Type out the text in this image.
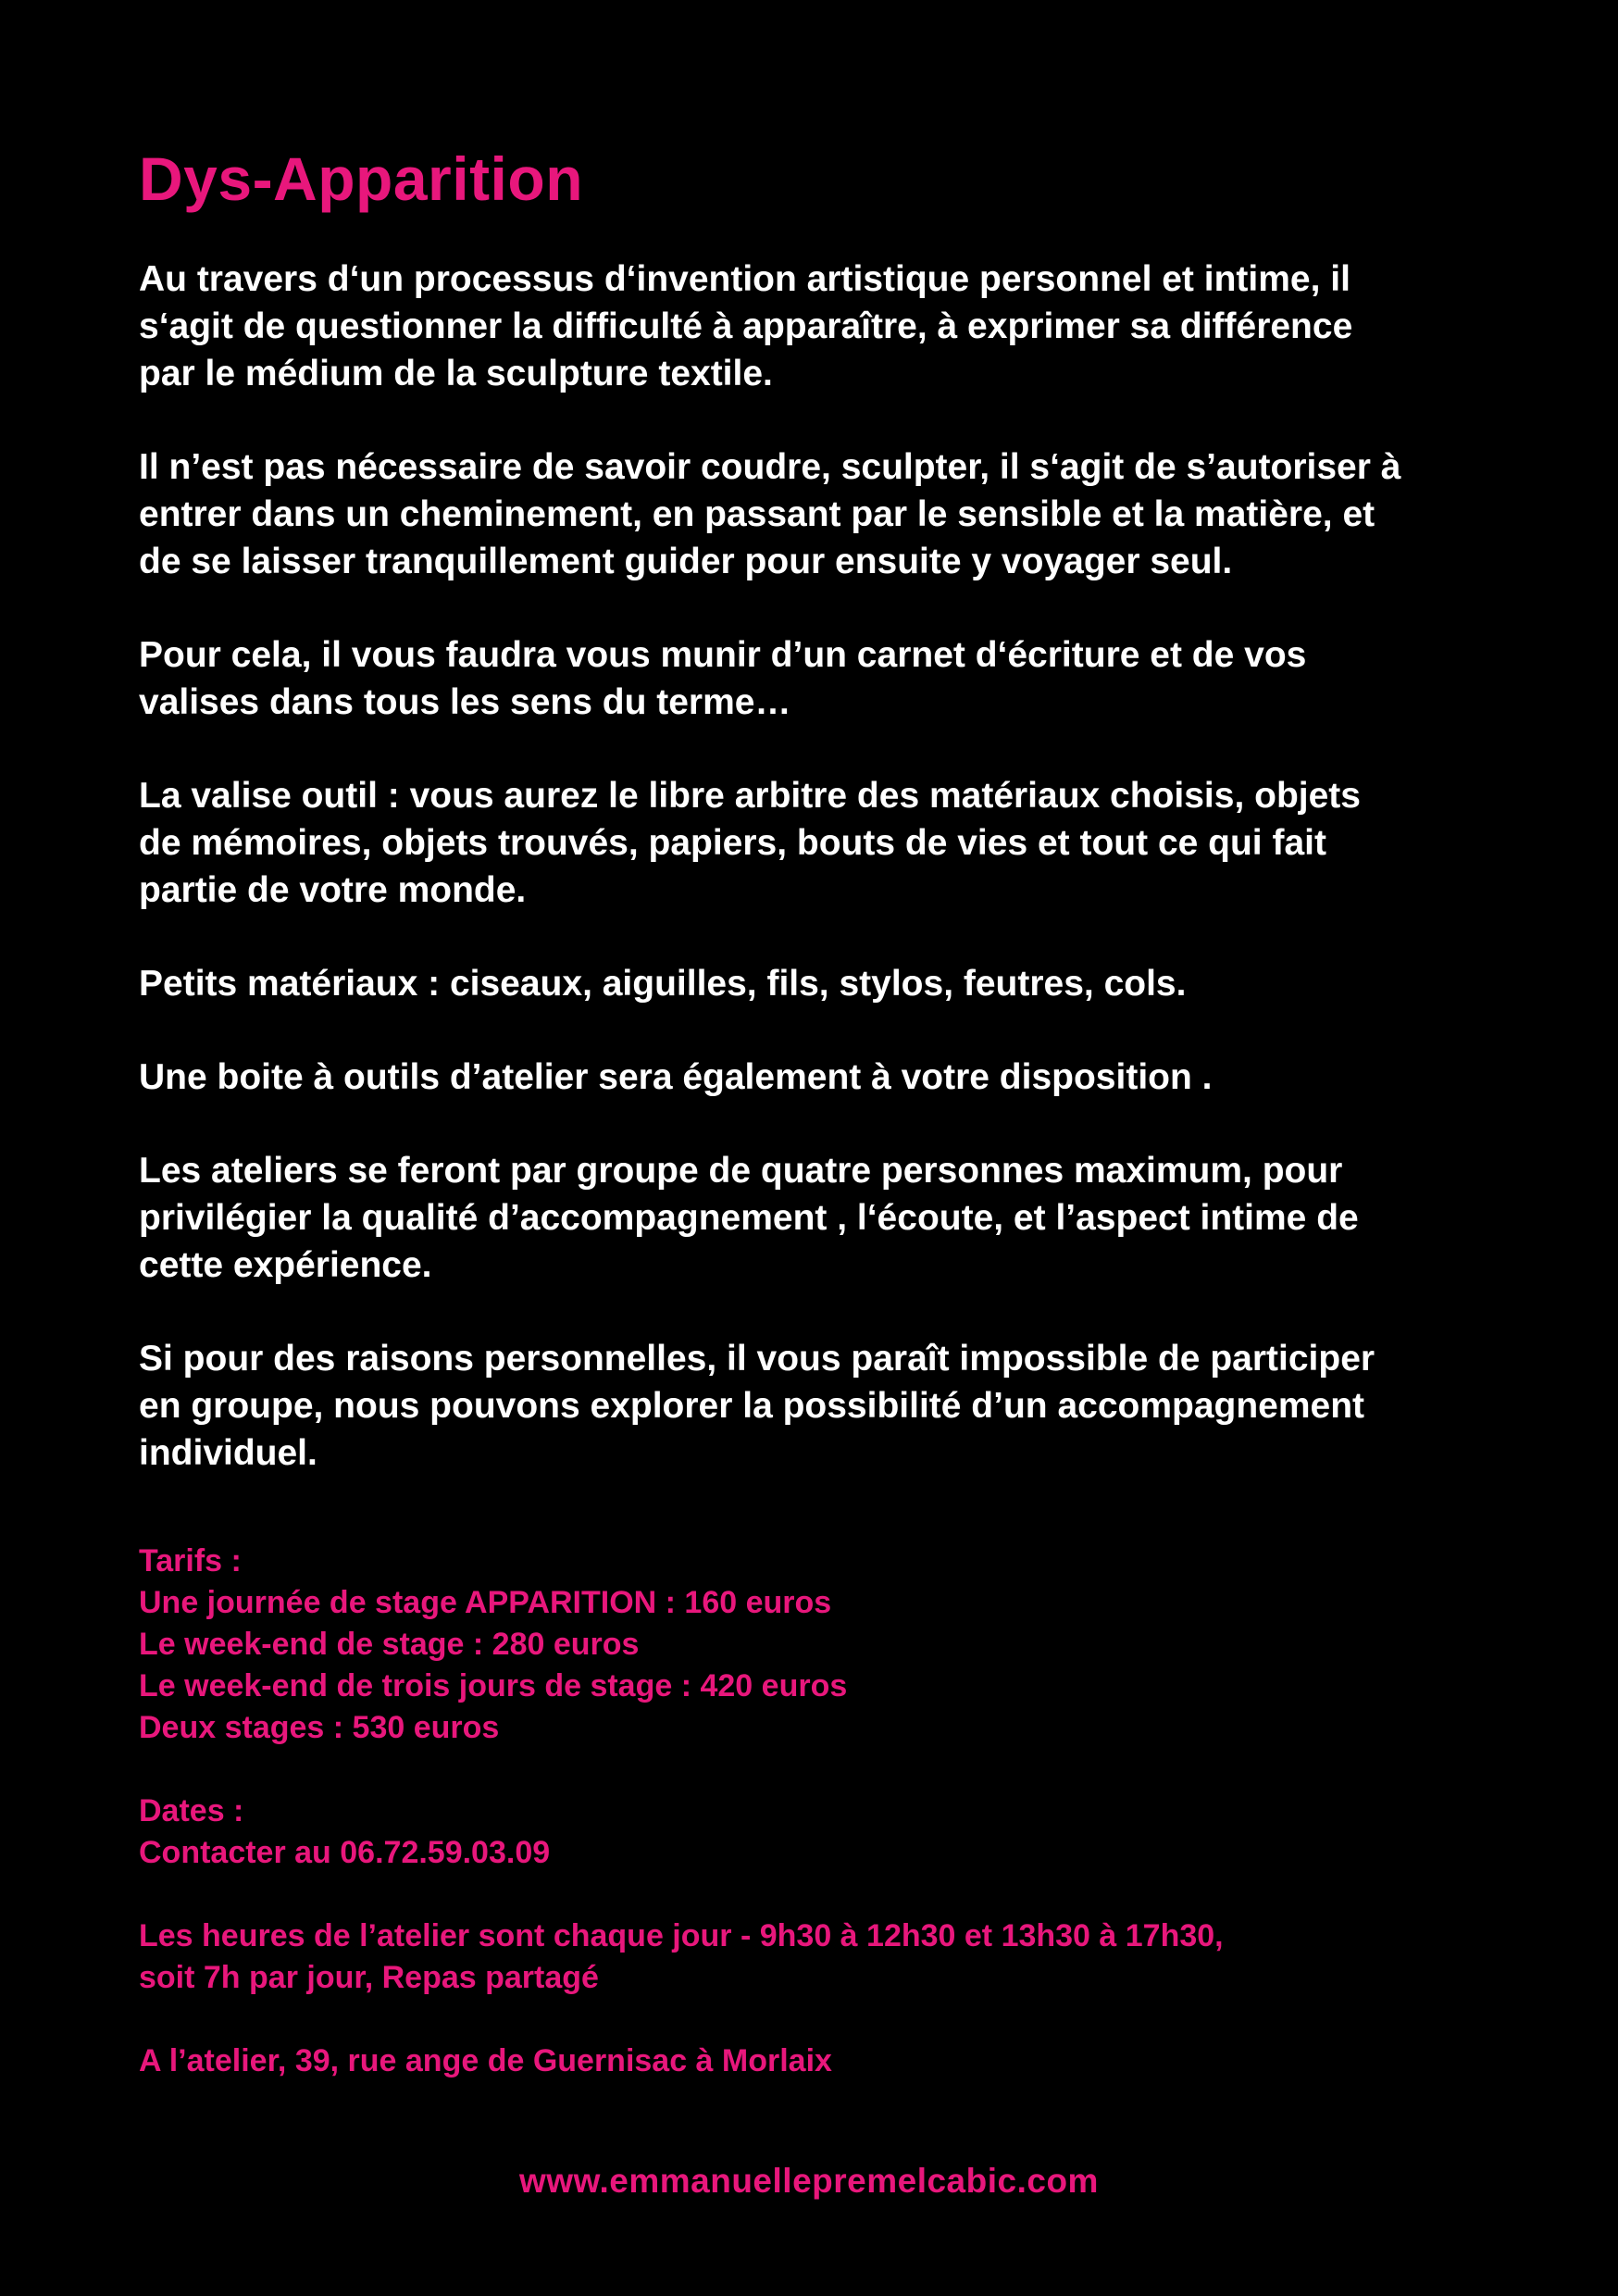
Dys-Apparition

Au travers d‘un processus d‘invention artistique personnel et intime, il
s‘agit de questionner la difficulté à apparaître, à exprimer sa différence
par le médium de la sculpture textile.

Il n’est pas nécessaire de savoir coudre, sculpter, il s‘agit de s’autoriser à
entrer dans un cheminement, en passant par le sensible et la matière, et
de se laisser tranquillement guider pour ensuite y voyager seul.

Pour cela, il vous faudra vous munir d’un carnet d‘écriture et de vos
valises dans tous les sens du terme…

La valise outil : vous aurez le libre arbitre des matériaux choisis, objets
de mémoires, objets trouvés, papiers, bouts de vies et tout ce qui fait
partie de votre monde.

Petits matériaux : ciseaux, aiguilles, fils, stylos, feutres, cols.

Une boite à outils d’atelier sera également à votre disposition .

Les ateliers se feront par groupe de quatre personnes maximum, pour
privilégier la qualité d’accompagnement , l‘écoute, et l’aspect intime de
cette expérience.

Si pour des raisons personnelles, il vous paraît impossible de participer
en groupe, nous pouvons explorer la possibilité d’un accompagnement
individuel.

Tarifs :
Une journée de stage APPARITION : 160 euros
Le week-end de stage : 280 euros
Le week-end de trois jours de stage : 420 euros
Deux stages : 530 euros
Dates :
Contacter au 06.72.59.03.09
Les heures de l’atelier sont chaque jour - 9h30 à 12h30 et 13h30 à 17h30,
soit 7h par jour, Repas partagé
A l’atelier, 39, rue ange de Guernisac à Morlaix
www.emmanuellepremelcabic.com
